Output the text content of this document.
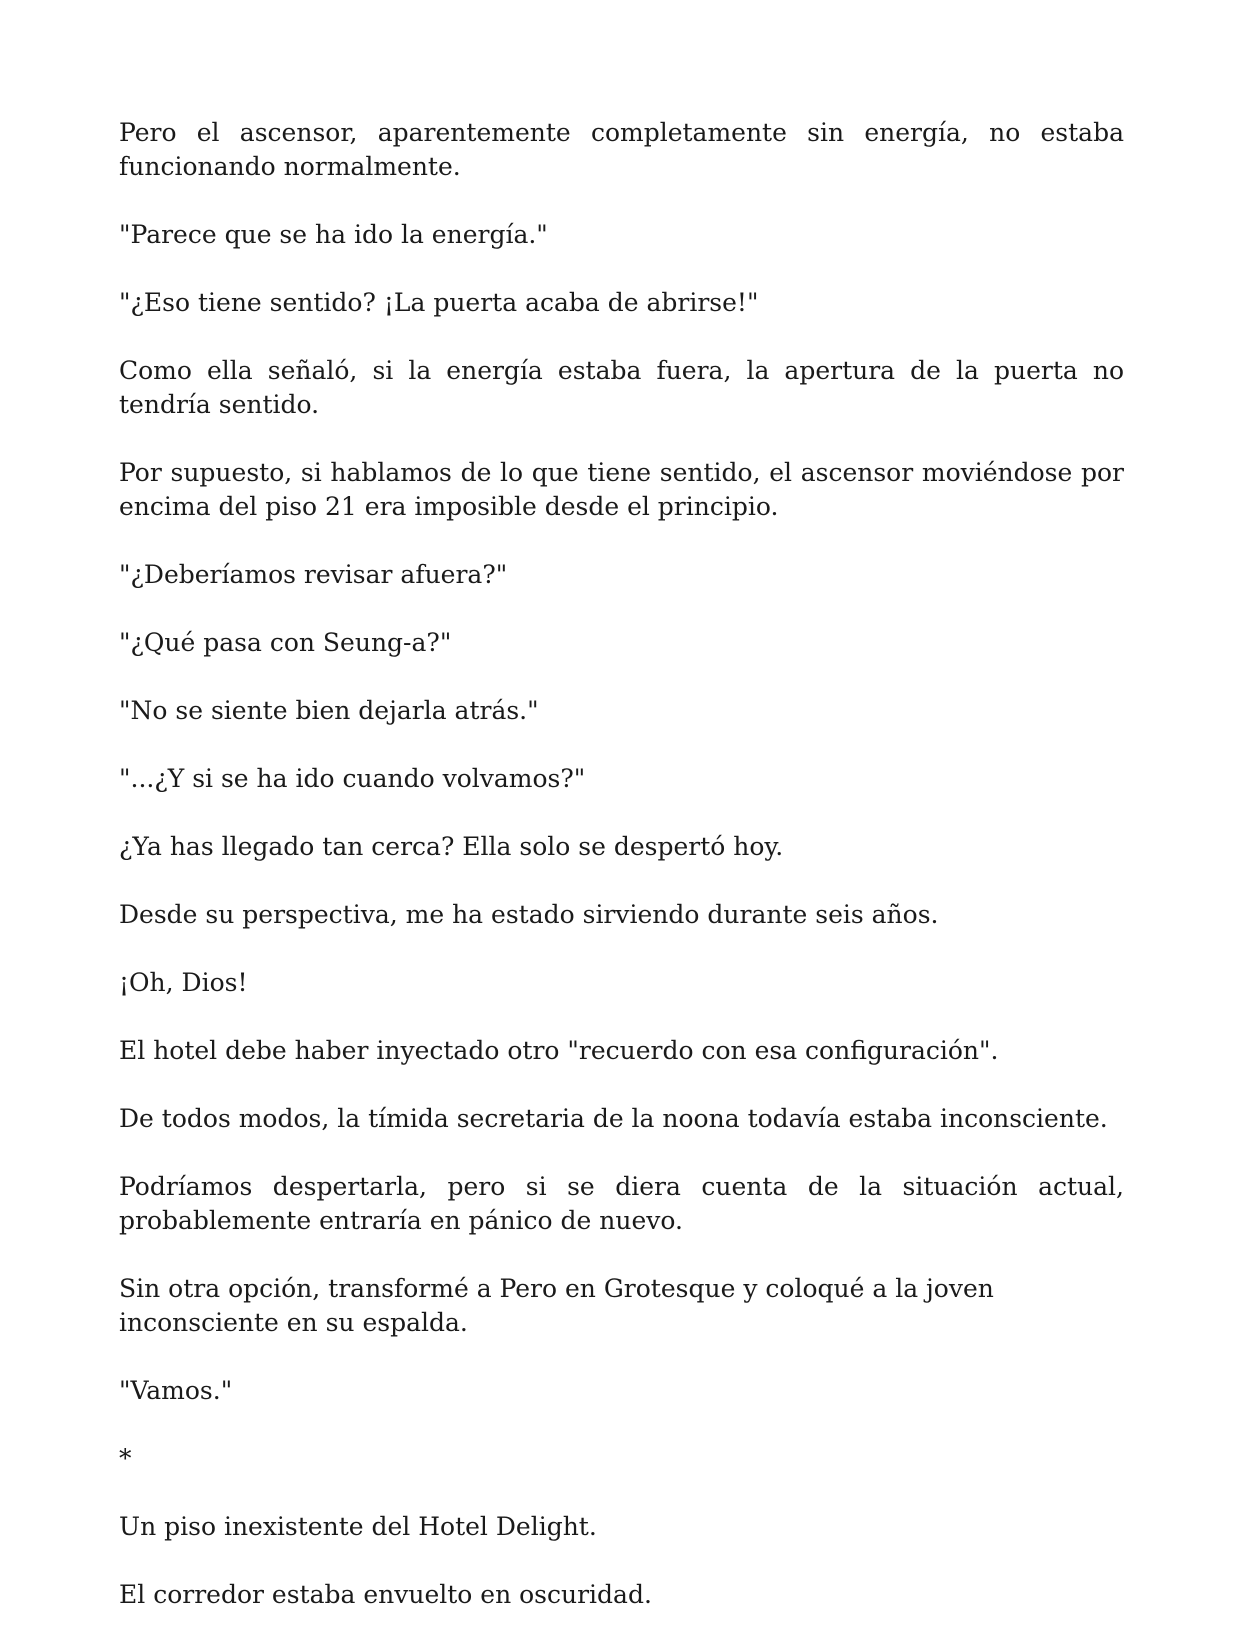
Pero el ascensor, aparentemente completamente sin energía, no estaba funcionando normalmente.

"Parece que se ha ido la energía."

"¿Eso tiene sentido? ¡La puerta acaba de abrirse!"

Como ella señaló, si la energía estaba fuera, la apertura de la puerta no tendría sentido.

Por supuesto, si hablamos de lo que tiene sentido, el ascensor moviéndose por encima del piso 21 era imposible desde el principio.

"¿Deberíamos revisar afuera?"

"¿Qué pasa con Seung-a?"

"No se siente bien dejarla atrás."

"...¿Y si se ha ido cuando volvamos?"

¿Ya has llegado tan cerca? Ella solo se despertó hoy.

Desde su perspectiva, me ha estado sirviendo durante seis años.

¡Oh, Dios!

El hotel debe haber inyectado otro "recuerdo con esa configuración".

De todos modos, la tímida secretaria de la noona todavía estaba inconsciente.

Podríamos despertarla, pero si se diera cuenta de la situación actual, probablemente entraría en pánico de nuevo.

Sin otra opción, transformé a Pero en Grotesque y coloqué a la joven inconsciente en su espalda.

"Vamos."

*

Un piso inexistente del Hotel Delight.

El corredor estaba envuelto en oscuridad.
